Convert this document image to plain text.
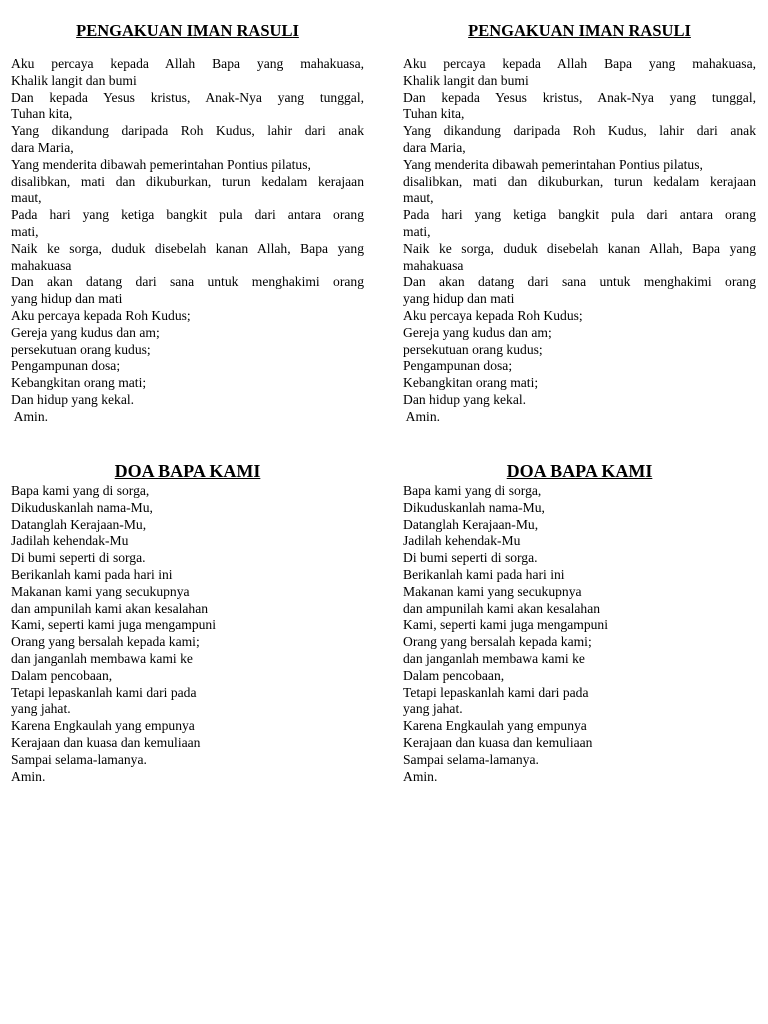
PENGAKUAN IMAN RASULI
Aku percaya kepada Allah Bapa yang mahakuasa,
Khalik langit dan bumi
Dan kepada Yesus kristus, Anak-Nya yang tunggal,
Tuhan kita,
Yang dikandung daripada Roh Kudus, lahir dari anak
dara Maria,
Yang menderita dibawah pemerintahan Pontius pilatus,
disalibkan, mati dan dikuburkan, turun kedalam kerajaan
maut,
Pada hari yang ketiga bangkit pula dari antara orang
mati,
Naik ke sorga, duduk disebelah kanan Allah, Bapa yang
mahakuasa
Dan akan datang dari sana untuk menghakimi orang
yang hidup dan mati
Aku percaya kepada Roh Kudus;
Gereja yang kudus dan am;
persekutuan orang kudus;
Pengampunan dosa;
Kebangkitan orang mati;
Dan hidup yang kekal.
Amin.
PENGAKUAN IMAN RASULI
Aku percaya kepada Allah Bapa yang mahakuasa,
Khalik langit dan bumi
Dan kepada Yesus kristus, Anak-Nya yang tunggal,
Tuhan kita,
Yang dikandung daripada Roh Kudus, lahir dari anak
dara Maria,
Yang menderita dibawah pemerintahan Pontius pilatus,
disalibkan, mati dan dikuburkan, turun kedalam kerajaan
maut,
Pada hari yang ketiga bangkit pula dari antara orang
mati,
Naik ke sorga, duduk disebelah kanan Allah, Bapa yang
mahakuasa
Dan akan datang dari sana untuk menghakimi orang
yang hidup dan mati
Aku percaya kepada Roh Kudus;
Gereja yang kudus dan am;
persekutuan orang kudus;
Pengampunan dosa;
Kebangkitan orang mati;
Dan hidup yang kekal.
Amin.
DOA BAPA KAMI
Bapa kami yang di sorga,
Dikuduskanlah nama-Mu,
Datanglah Kerajaan-Mu,
Jadilah kehendak-Mu
Di bumi seperti di sorga.
Berikanlah kami pada hari ini
Makanan kami yang secukupnya
dan ampunilah kami akan kesalahan
Kami, seperti kami juga mengampuni
Orang yang bersalah kepada kami;
dan janganlah membawa kami ke
Dalam pencobaan,
Tetapi lepaskanlah kami dari pada
yang jahat.
Karena Engkaulah yang empunya
Kerajaan dan kuasa dan kemuliaan
Sampai selama-lamanya.
Amin.
DOA BAPA KAMI
Bapa kami yang di sorga,
Dikuduskanlah nama-Mu,
Datanglah Kerajaan-Mu,
Jadilah kehendak-Mu
Di bumi seperti di sorga.
Berikanlah kami pada hari ini
Makanan kami yang secukupnya
dan ampunilah kami akan kesalahan
Kami, seperti kami juga mengampuni
Orang yang bersalah kepada kami;
dan janganlah membawa kami ke
Dalam pencobaan,
Tetapi lepaskanlah kami dari pada
yang jahat.
Karena Engkaulah yang empunya
Kerajaan dan kuasa dan kemuliaan
Sampai selama-lamanya.
Amin.
